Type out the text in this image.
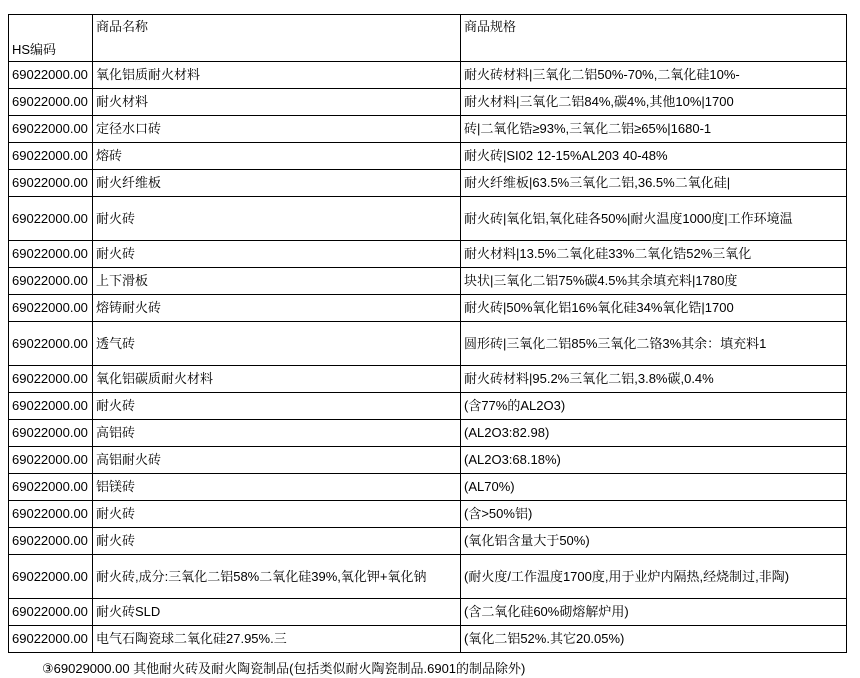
HS编码	商品名称	商品规格
69022000.00	氧化铝质耐火材料	耐火砖材料|三氧化二铝50%-70%,二氧化硅10%-
69022000.00	耐火材料	耐火材料|三氧化二铝84%,碳4%,其他10%|1700
69022000.00	定径水口砖	砖|二氧化锆≥93%,三氧化二铝≥65%|1680-1
69022000.00	熔砖	耐火砖|SI02 12-15%AL203 40-48%
69022000.00	耐火纤维板	耐火纤维板|63.5%三氧化二铝,36.5%二氧化硅|
69022000.00	耐火砖	耐火砖|氧化铝,氧化硅各50%|耐火温度1000度|工作环境温
69022000.00	耐火砖	耐火材料|13.5%二氧化硅33%二氧化锆52%三氧化
69022000.00	上下滑板	块状|三氧化二铝75%碳4.5%其余填充料|1780度
69022000.00	熔铸耐火砖	耐火砖|50%氧化铝16%氧化硅34%氧化锆|1700
69022000.00	透气砖	圆形砖|三氧化二铝85%三氧化二铬3%其余：填充料1
69022000.00	氧化铝碳质耐火材料	耐火砖材料|95.2%三氧化二铝,3.8%碳,0.4%
69022000.00	耐火砖	(含77%的AL2O3)
69022000.00	高铝砖	(AL2O3:82.98)
69022000.00	高铝耐火砖	(AL2O3:68.18%)
69022000.00	铝镁砖	(AL70%)
69022000.00	耐火砖	(含>50%铝)
69022000.00	耐火砖	(氧化铝含量大于50%)
69022000.00	耐火砖,成分:三氧化二铝58%二氧化硅39%,氧化钾+氧化钠	(耐火度/工作温度1700度,用于业炉内隔热,经烧制过,非陶)
69022000.00	耐火砖SLD	(含二氧化硅60%砌熔解炉用)
69022000.00	电气石陶瓷球二氧化硅27.95%.三	(氧化二铝52%.其它20.05%)
③69029000.00 其他耐火砖及耐火陶瓷制品(包括类似耐火陶瓷制品.6901的制品除外)
